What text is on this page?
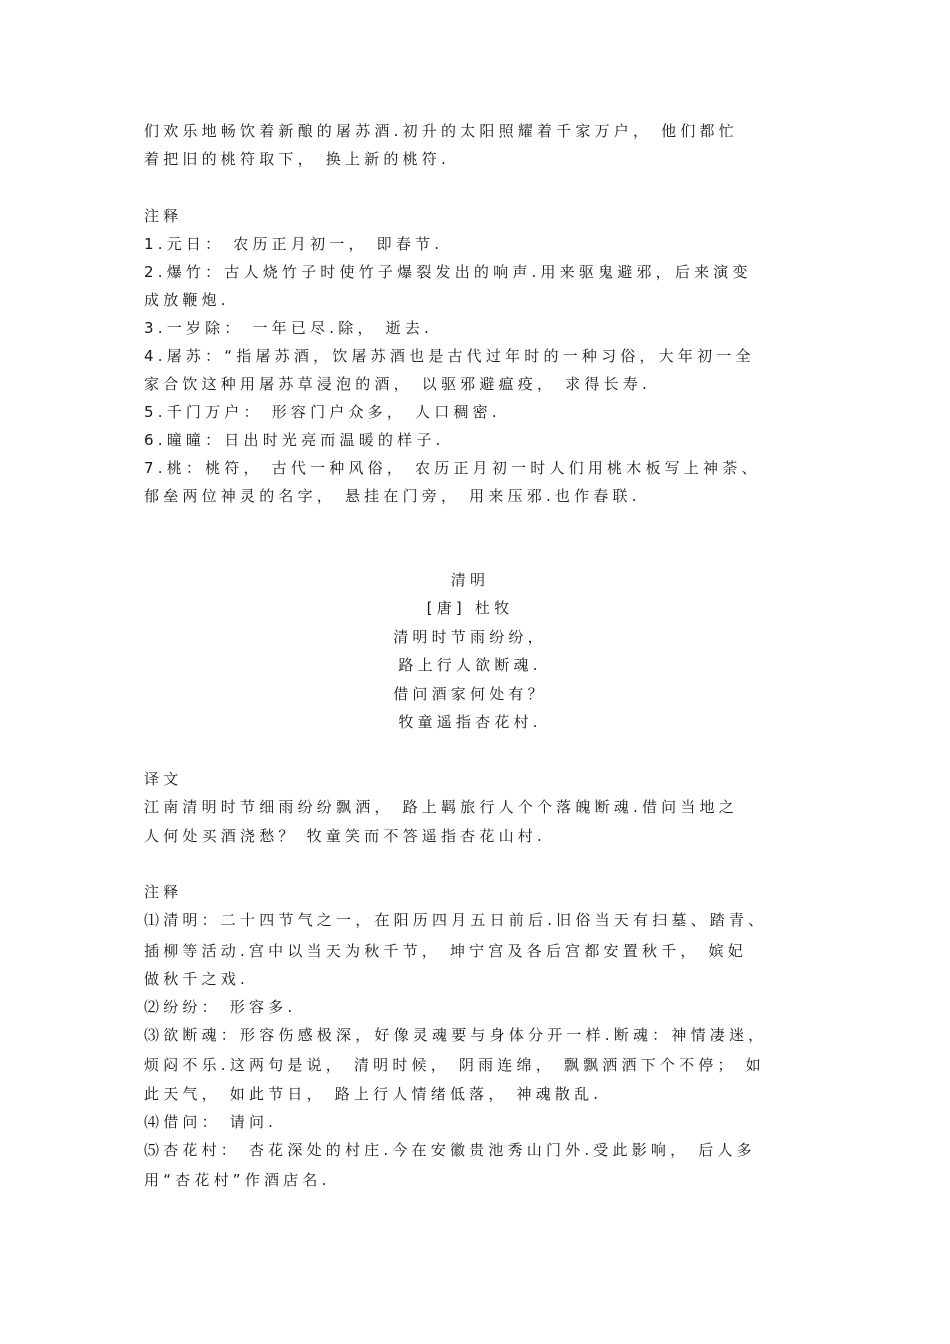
们欢乐地畅饮着新酿的屠苏酒.初升的太阳照耀着千家万户， 他们都忙
着把旧的桃符取下， 换上新的桃符.
注释
1.元日： 农历正月初一， 即春节.
2.爆竹：古人烧竹子时使竹子爆裂发出的响声.用来驱鬼避邪，后来演变
成放鞭炮.
3.一岁除： 一年已尽.除， 逝去.
4.屠苏：“指屠苏酒，饮屠苏酒也是古代过年时的一种习俗，大年初一全
家合饮这种用屠苏草浸泡的酒， 以驱邪避瘟疫， 求得长寿.
5.千门万户： 形容门户众多， 人口稠密.
6.曈曈：日出时光亮而温暖的样子.
7.桃：桃符， 古代一种风俗， 农历正月初一时人们用桃木板写上神荼、
郁垒两位神灵的名字， 悬挂在门旁， 用来压邪.也作春联.
清明
[唐] 杜牧
清明时节雨纷纷，
路上行人欲断魂.
借问酒家何处有？
牧童遥指杏花村.
译文
江南清明时节细雨纷纷飘洒， 路上羁旅行人个个落魄断魂.借问当地之
人何处买酒浇愁？ 牧童笑而不答遥指杏花山村.
注释
⑴清明：二十四节气之一，在阳历四月五日前后.旧俗当天有扫墓、踏青、
插柳等活动.宫中以当天为秋千节， 坤宁宫及各后宫都安置秋千， 嫔妃
做秋千之戏.
⑵纷纷： 形容多.
⑶欲断魂：形容伤感极深，好像灵魂要与身体分开一样.断魂：神情凄迷，
烦闷不乐.这两句是说， 清明时候， 阴雨连绵， 飘飘洒洒下个不停； 如
此天气， 如此节日， 路上行人情绪低落， 神魂散乱.
⑷借问： 请问.
⑸杏花村： 杏花深处的村庄.今在安徽贵池秀山门外.受此影响， 后人多
用“杏花村”作酒店名.
